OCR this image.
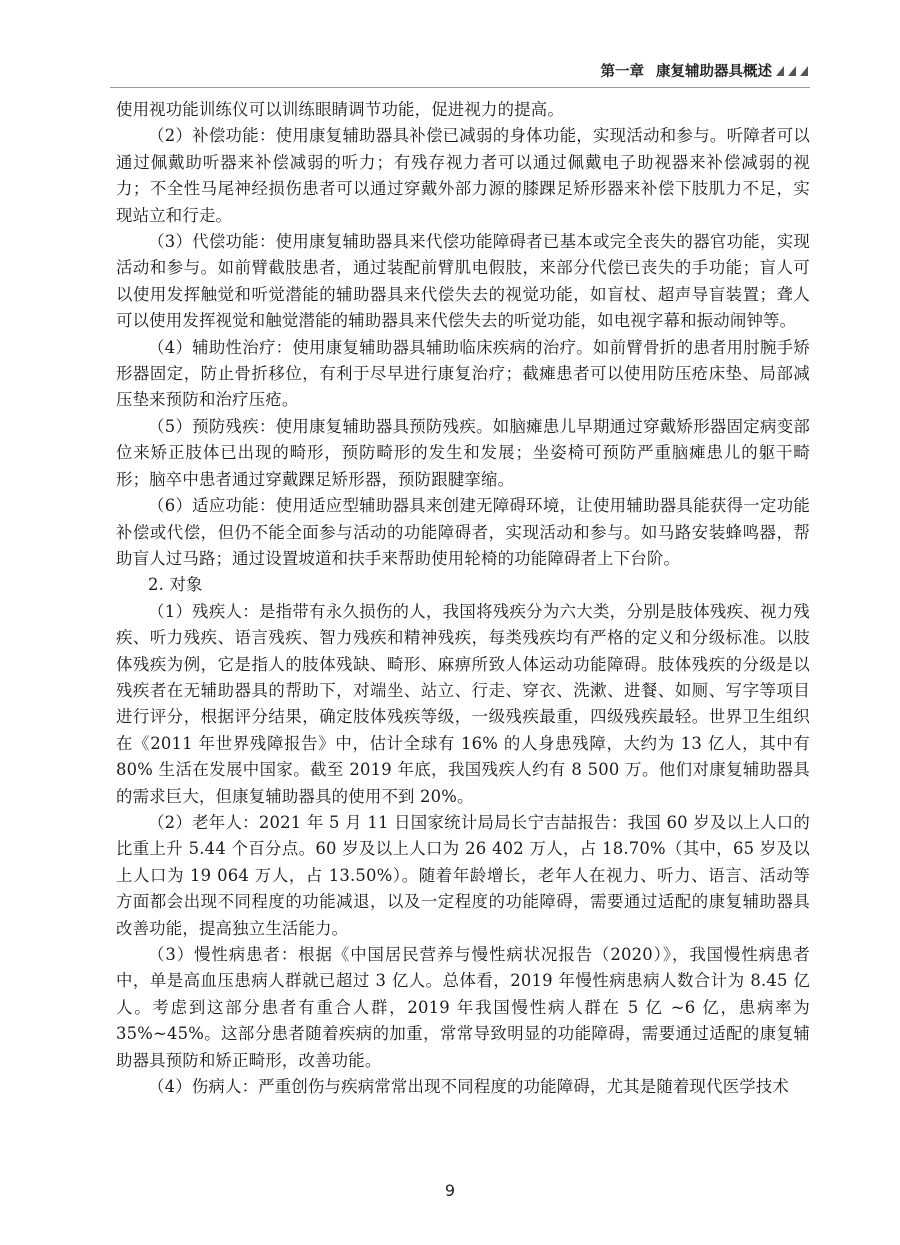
第一章 康复辅助器具概述

使用视功能训练仪可以训练眼睛调节功能，促进视力的提高。

（2）补偿功能：使用康复辅助器具补偿已减弱的身体功能，实现活动和参与。听障者可以通过佩戴助听器来补偿减弱的听力；有残存视力者可以通过佩戴电子助视器来补偿减弱的视力；不全性马尾神经损伤患者可以通过穿戴外部力源的膝踝足矫形器来补偿下肢肌力不足，实现站立和行走。

（3）代偿功能：使用康复辅助器具来代偿功能障碍者已基本或完全丧失的器官功能，实现活动和参与。如前臂截肢患者，通过装配前臂肌电假肢，来部分代偿已丧失的手功能；盲人可以使用发挥触觉和听觉潜能的辅助器具来代偿失去的视觉功能，如盲杖、超声导盲装置；聋人可以使用发挥视觉和触觉潜能的辅助器具来代偿失去的听觉功能，如电视字幕和振动闹钟等。

（4）辅助性治疗：使用康复辅助器具辅助临床疾病的治疗。如前臂骨折的患者用肘腕手矫形器固定，防止骨折移位，有利于尽早进行康复治疗；截瘫患者可以使用防压疮床垫、局部减压垫来预防和治疗压疮。

（5）预防残疾：使用康复辅助器具预防残疾。如脑瘫患儿早期通过穿戴矫形器固定病变部位来矫正肢体已出现的畸形，预防畸形的发生和发展；坐姿椅可预防严重脑瘫患儿的躯干畸形；脑卒中患者通过穿戴踝足矫形器，预防跟腱挛缩。

（6）适应功能：使用适应型辅助器具来创建无障碍环境，让使用辅助器具能获得一定功能补偿或代偿，但仍不能全面参与活动的功能障碍者，实现活动和参与。如马路安装蜂鸣器，帮助盲人过马路；通过设置坡道和扶手来帮助使用轮椅的功能障碍者上下台阶。

2. 对象

（1）残疾人：是指带有永久损伤的人，我国将残疾分为六大类，分别是肢体残疾、视力残疾、听力残疾、语言残疾、智力残疾和精神残疾，每类残疾均有严格的定义和分级标准。以肢体残疾为例，它是指人的肢体残缺、畸形、麻痹所致人体运动功能障碍。肢体残疾的分级是以残疾者在无辅助器具的帮助下，对端坐、站立、行走、穿衣、洗漱、进餐、如厕、写字等项目进行评分，根据评分结果，确定肢体残疾等级，一级残疾最重，四级残疾最轻。世界卫生组织在《2011 年世界残障报告》中，估计全球有 16% 的人身患残障，大约为 13 亿人，其中有 80% 生活在发展中国家。截至 2019 年底，我国残疾人约有 8 500 万。他们对康复辅助器具的需求巨大，但康复辅助器具的使用不到 20%。

（2）老年人：2021 年 5 月 11 日国家统计局局长宁吉喆报告：我国 60 岁及以上人口的比重上升 5.44 个百分点。60 岁及以上人口为 26 402 万人，占 18.70%（其中，65 岁及以上人口为 19 064 万人，占 13.50%）。随着年龄增长，老年人在视力、听力、语言、活动等方面都会出现不同程度的功能减退，以及一定程度的功能障碍，需要通过适配的康复辅助器具改善功能，提高独立生活能力。

（3）慢性病患者：根据《中国居民营养与慢性病状况报告（2020）》，我国慢性病患者中，单是高血压患病人群就已超过 3 亿人。总体看，2019 年慢性病患病人数合计为 8.45 亿人。考虑到这部分患者有重合人群，2019 年我国慢性病人群在 5 亿 ~6 亿，患病率为 35%~45%。这部分患者随着疾病的加重，常常导致明显的功能障碍，需要通过适配的康复辅助器具预防和矫正畸形，改善功能。

（4）伤病人：严重创伤与疾病常常出现不同程度的功能障碍，尤其是随着现代医学技术

9
